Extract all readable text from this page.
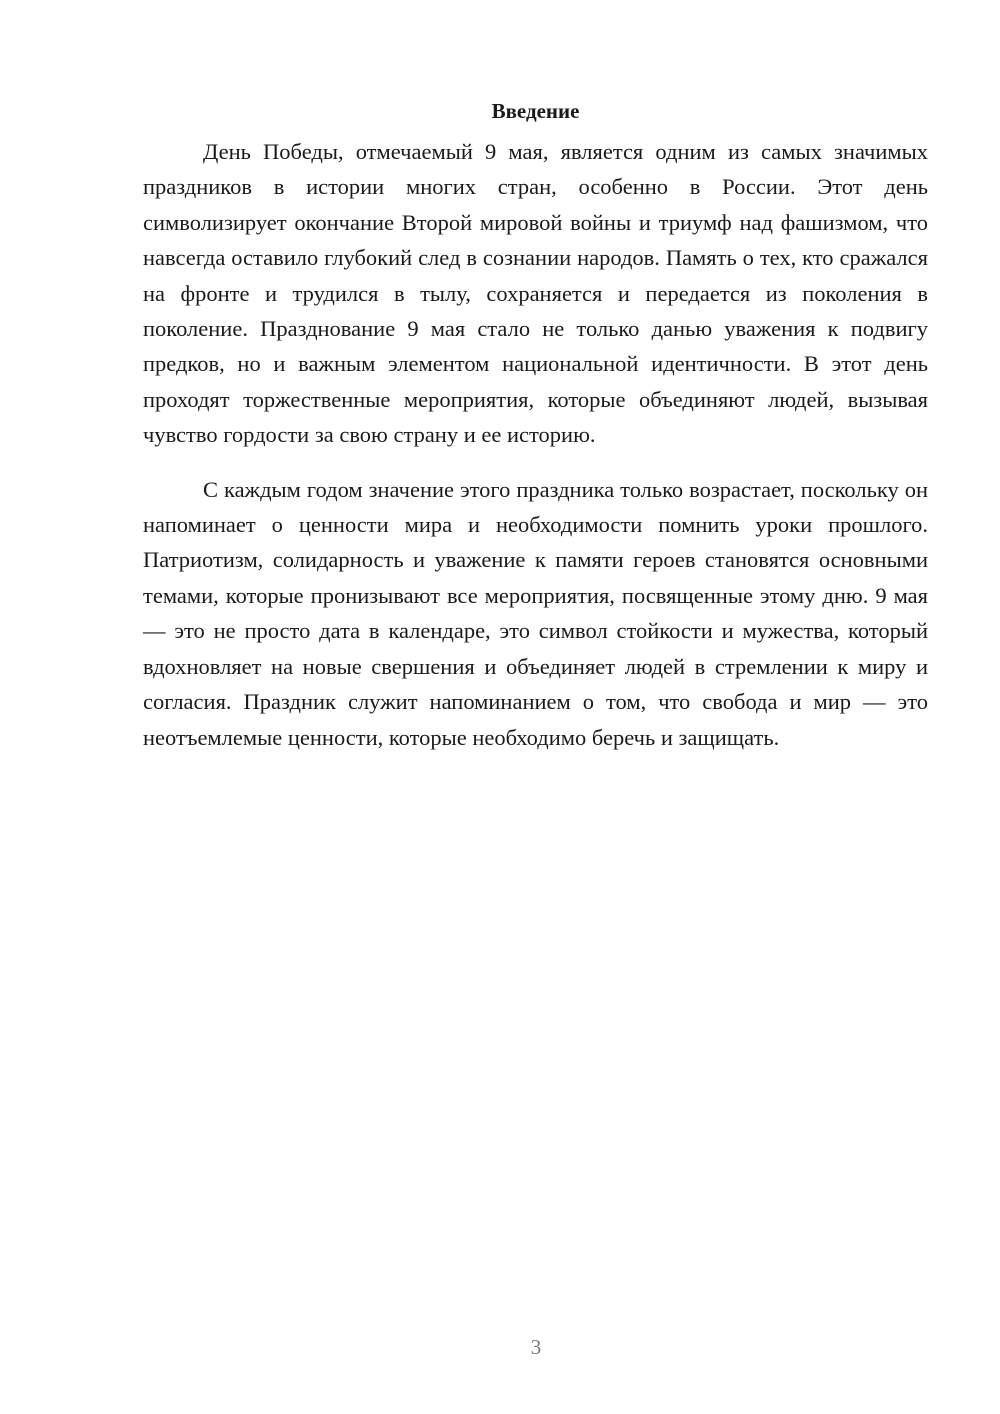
Введение

День Победы, отмечаемый 9 мая, является одним из самых значимых праздников в истории многих стран, особенно в России. Этот день символизирует окончание Второй мировой войны и триумф над фашизмом, что навсегда оставило глубокий след в сознании народов. Память о тех, кто сражался на фронте и трудился в тылу, сохраняется и передается из поколения в поколение. Празднование 9 мая стало не только данью уважения к подвигу предков, но и важным элементом национальной идентичности. В этот день проходят торжественные мероприятия, которые объединяют людей, вызывая чувство гордости за свою страну и ее историю.

С каждым годом значение этого праздника только возрастает, поскольку он напоминает о ценности мира и необходимости помнить уроки прошлого. Патриотизм, солидарность и уважение к памяти героев становятся основными темами, которые пронизывают все мероприятия, посвященные этому дню. 9 мая — это не просто дата в календаре, это символ стойкости и мужества, который вдохновляет на новые свершения и объединяет людей в стремлении к миру и согласия. Праздник служит напоминанием о том, что свобода и мир — это неотъемлемые ценности, которые необходимо беречь и защищать.

3
